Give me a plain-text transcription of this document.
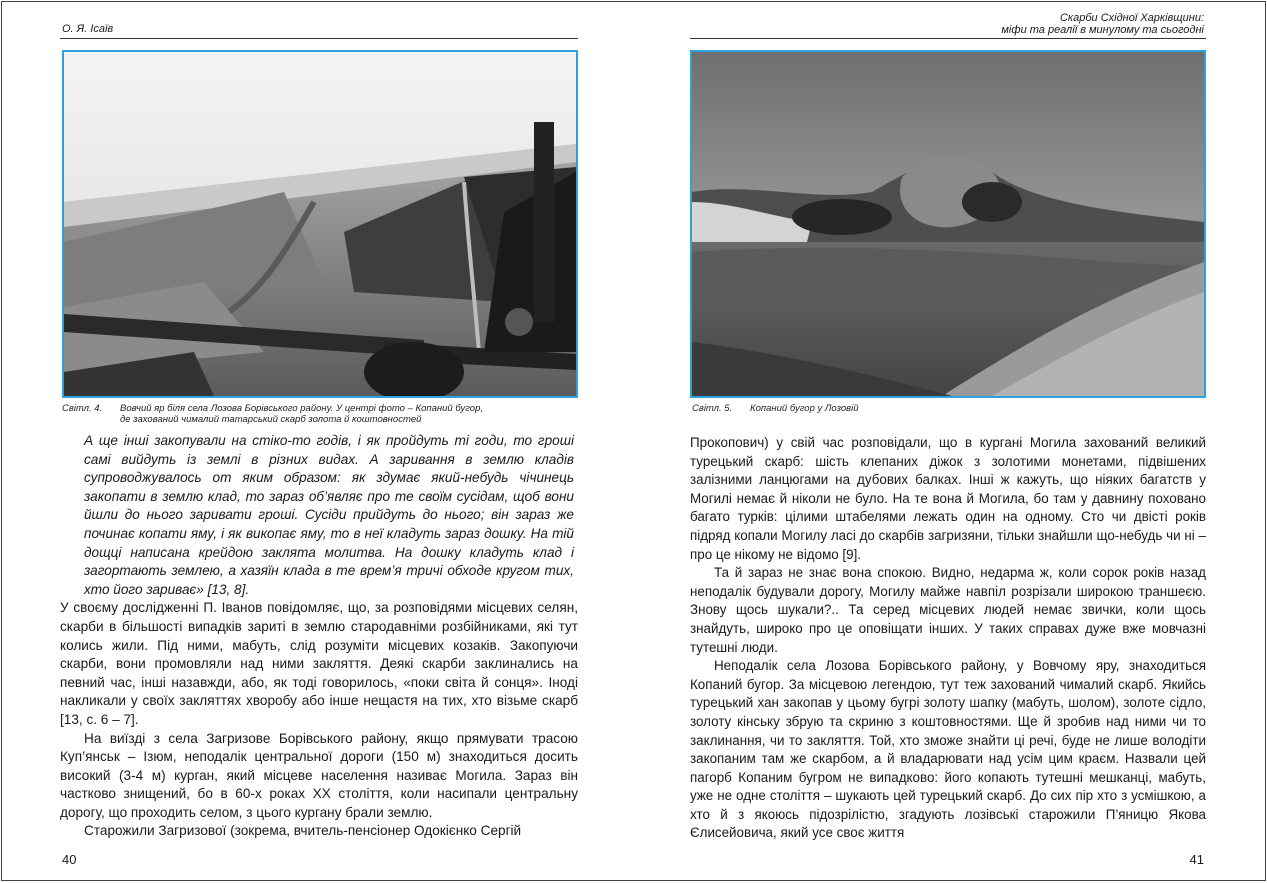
О. Я. Ісаїв
Світл. 4. Вовчий яр біля села Лозова Борівського району. У центрі фото – Копаний бугор,
де захований чималий татарський скарб золота й коштовностей

А ще інші закопували на стіко-то годів, і як пройдуть ті годи, то гроші самі вийдуть із землі в різних видах. А заривання в землю кладів супроводжувалось от яким образом: як здумає який-небудь чічинець закопати в землю клад, то зараз об’являє про те своїм сусідам, щоб вони йшли до нього заривати гроші. Сусіди прийдуть до нього; він зараз же починає копати яму, і як викопає яму, то в неї кладуть зараз дошку. На тій дощці написана крейдою заклята молитва. На дошку кладуть клад і загортають землею, а хазяїн клада в те врем’я тричі обходе кругом тих, хто його зариває» [13, 8].

У своєму дослідженні П. Іванов повідомляє, що, за розповідями місцевих селян, скарби в більшості випадків зариті в землю стародавніми розбійниками, які тут колись жили. Під ними, мабуть, слід розуміти місцевих козаків. Закопуючи скарби, вони промовляли над ними закляття. Деякі скарби заклинались на певний час, інші назавжди, або, як тоді говорилось, «поки світа й сонця». Іноді накликали у своїх закляттях хворобу або інше нещастя на тих, хто візьме скарб [13, с. 6 – 7].

На виїзді з села Загризове Борівського району, якщо прямувати трасою Куп’янськ – Ізюм, неподалік центральної дороги (150 м) знаходиться досить високий (3-4 м) курган, який місцеве населення називає Могила. Зараз він частково знищений, бо в 60-х роках XX століття, коли насипали центральну дорогу, що проходить селом, з цього кургану брали землю.

Старожили Загризової (зокрема, вчитель-пенсіонер Одокієнко Сергій

40
Скарби Східної Харківщини:
міфи та реалії в минулому та сьогодні
Світл. 5. Копаний бугор у Лозовій

Прокопович) у свій час розповідали, що в кургані Могила захований великий турецький скарб: шість клепаних діжок з золотими монетами, підвішених залізними ланцюгами на дубових балках. Інші ж кажуть, що ніяких багатств у Могилі немає й ніколи не було. На те вона й Могила, бо там у давнину поховано багато турків: цілими штабелями лежать один на одному. Сто чи двісті років підряд копали Могилу ласі до скарбів загризяни, тільки знайшли що-небудь чи ні – про це нікому не відомо [9].

Та й зараз не знає вона спокою. Видно, недарма ж, коли сорок років назад неподалік будували дорогу, Могилу майже навпіл розрізали широкою траншеєю. Знову щось шукали?.. Та серед місцевих людей немає звички, коли щось знайдуть, широко про це оповіщати інших. У таких справах дуже вже мовчазні тутешні люди.

Неподалік села Лозова Борівського району, у Вовчому яру, знаходиться Копаний бугор. За місцевою легендою, тут теж захований чималий скарб. Якийсь турецький хан закопав у цьому бугрі золоту шапку (мабуть, шолом), золоте сідло, золоту кінську збрую та скриню з коштовностями. Ще й зробив над ними чи то заклинання, чи то закляття. Той, хто зможе знайти ці речі, буде не лише володіти закопаним там же скарбом, а й владарювати над усім цим краєм. Назвали цей пагорб Копаним бугром не випадково: його копають тутешні мешканці, мабуть, уже не одне століття – шукають цей турецький скарб. До сих пір хто з усмішкою, а хто й з якоюсь підозрілістю, згадують лозівські старожили П’яницю Якова Єлисейовича, який усе своє життя

41
